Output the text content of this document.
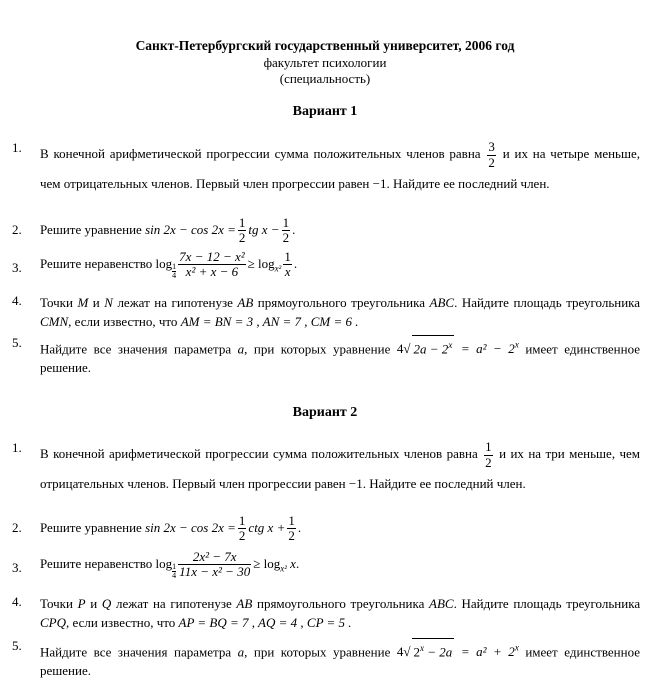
Санкт-Петербургский государственный университет, 2006 год
факультет психологии
(специальность)
Вариант 1
1.	В конечной арифметической прогрессии сумма положительных членов равна $\frac{3}{2}$ и их на четыре меньше, чем отрицательных членов. Первый член прогрессии равен −1. Найдите ее последний член.
2.	Решите уравнение $\sin 2x - \cos 2x = \frac{1}{2}$ tg $x - \frac{1}{2}$ .
3.	Решите неравенство $\log \frac{1}{4} \frac{\text{7x − 12 − x²}}{\text{x² + x − 6}} \ge \log_{x^2} \frac{1}{x}$ .
4.	Точки M и N лежат на гипотенузе AB прямоугольного треугольника ABC. Найдите площадь треугольника CMN, если известно, что AM = BN = 3 , AN = 7 , CM = 6 .
5.	Найдите все значения параметра a, при которых уравнение 4√ $2a - 2^x = a^2 - 2^x$ имеет единственное решение.
Вариант 2
1.	В конечной арифметической прогрессии сумма положительных членов равна $\frac{1}{2}$ и их на три меньше, чем отрицательных членов. Первый член прогрессии равен −1. Найдите ее последний член.
2.	Решите уравнение $\sin 2x - \cos 2x = \frac{1}{2}$ ctg $x + \frac{1}{2}$ .
3.	Решите неравенство $\log \frac{1}{4} \frac{\text{2x² − 7x}}{\text{11x − x² − 30}} \ge \log_{x^2} x$.
4.	Точки P и Q лежат на гипотенузе AB прямоугольного треугольника ABC. Найдите площадь треугольника CPQ, если известно, что AP = BQ = 7 , AQ = 4 , CP = 5 .
5.	Найдите все значения параметра a, при которых уравнение 4√ $2^x - 2a = a^2 + 2^x$ имеет единственное решение.
